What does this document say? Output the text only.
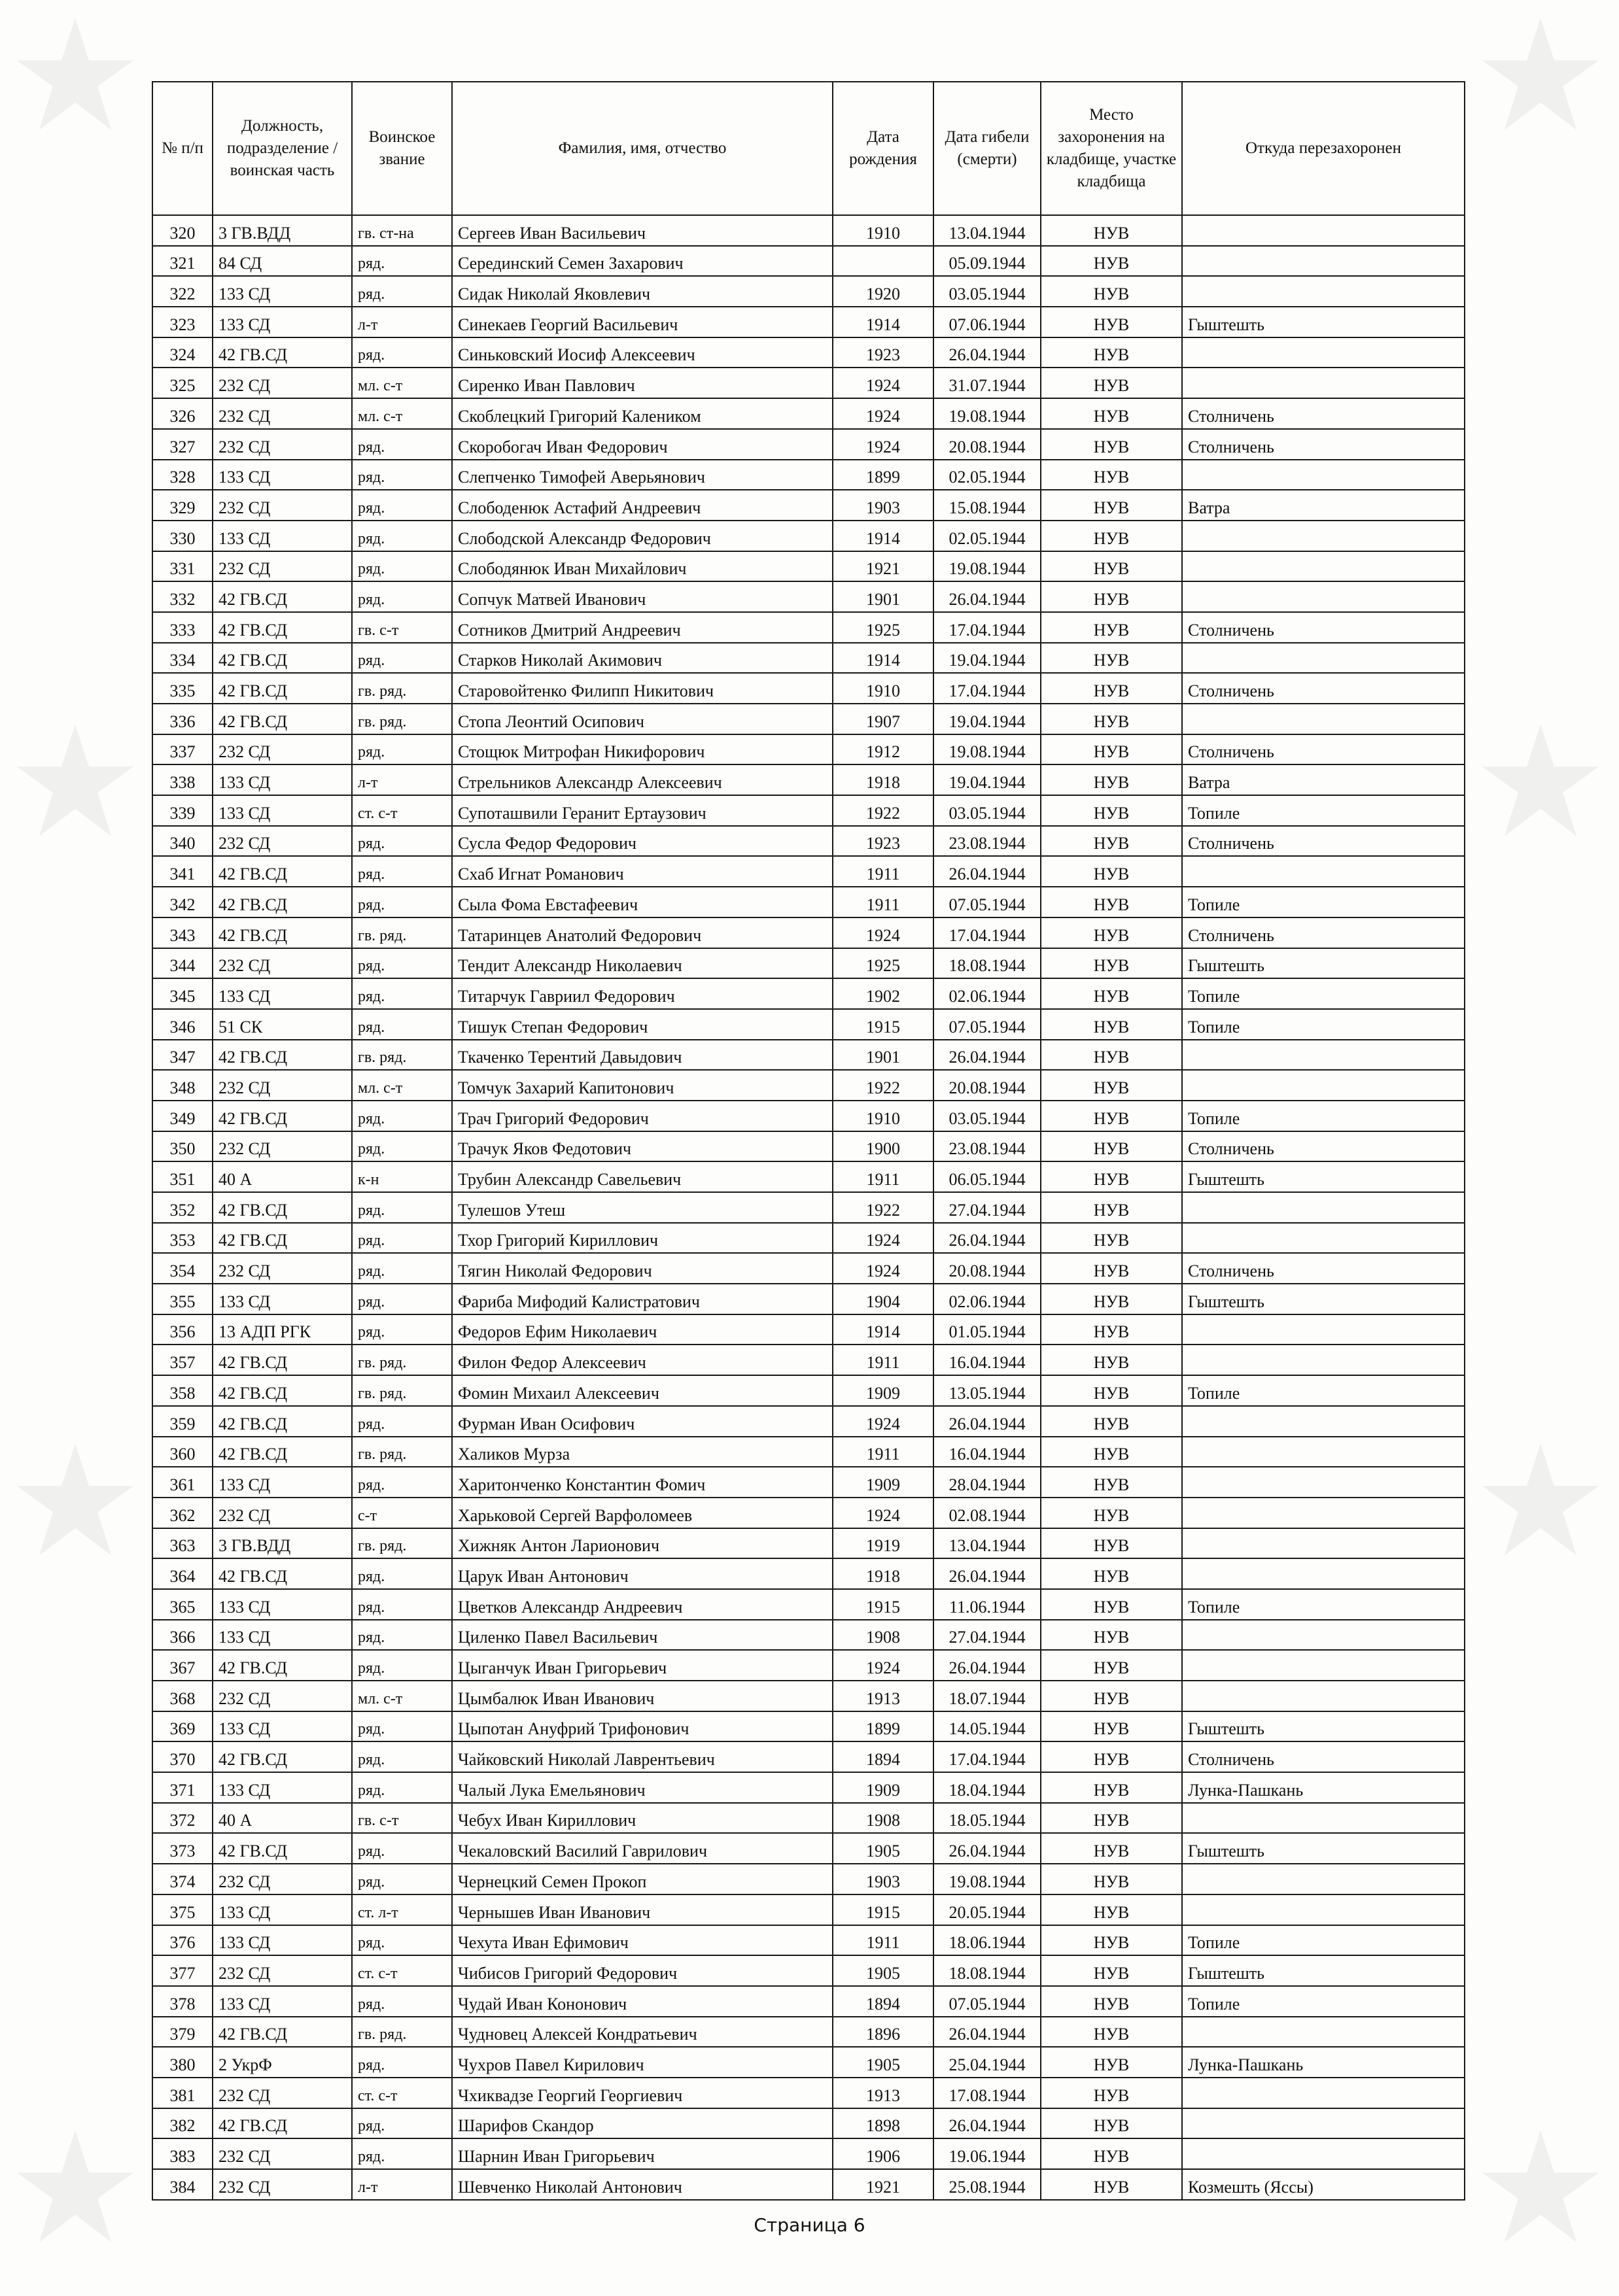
№ п/п	Должность, подразделение / воинская часть	Воинское звание	Фамилия, имя, отчество	Дата рождения	Дата гибели (смерти)	Место захоронения на кладбище, участке кладбища	Откуда перезахоронен
320	3 ГВ.ВДД	гв. ст-на	Сергеев Иван Васильевич	1910	13.04.1944	НУВ	
321	84 СД	ряд.	Серединский Семен Захарович		05.09.1944	НУВ	
322	133 СД	ряд.	Сидак Николай Яковлевич	1920	03.05.1944	НУВ	
323	133 СД	л-т	Синекаев Георгий Васильевич	1914	07.06.1944	НУВ	Гыштешть
324	42 ГВ.СД	ряд.	Синьковский Иосиф Алексеевич	1923	26.04.1944	НУВ	
325	232 СД	мл. с-т	Сиренко Иван Павлович	1924	31.07.1944	НУВ	
326	232 СД	мл. с-т	Скоблецкий Григорий Калеником	1924	19.08.1944	НУВ	Столничень
327	232 СД	ряд.	Скоробогач Иван Федорович	1924	20.08.1944	НУВ	Столничень
328	133 СД	ряд.	Слепченко Тимофей Аверьянович	1899	02.05.1944	НУВ	
329	232 СД	ряд.	Слободенюк Астафий Андреевич	1903	15.08.1944	НУВ	Ватра
330	133 СД	ряд.	Слободской Александр Федорович	1914	02.05.1944	НУВ	
331	232 СД	ряд.	Слободянюк Иван Михайлович	1921	19.08.1944	НУВ	
332	42 ГВ.СД	ряд.	Сопчук Матвей Иванович	1901	26.04.1944	НУВ	
333	42 ГВ.СД	гв. с-т	Сотников Дмитрий Андреевич	1925	17.04.1944	НУВ	Столничень
334	42 ГВ.СД	ряд.	Старков Николай Акимович	1914	19.04.1944	НУВ	
335	42 ГВ.СД	гв. ряд.	Старовойтенко Филипп Никитович	1910	17.04.1944	НУВ	Столничень
336	42 ГВ.СД	гв. ряд.	Стопа Леонтий Осипович	1907	19.04.1944	НУВ	
337	232 СД	ряд.	Стощюк Митрофан Никифорович	1912	19.08.1944	НУВ	Столничень
338	133 СД	л-т	Стрельников Александр Алексеевич	1918	19.04.1944	НУВ	Ватра
339	133 СД	ст. с-т	Супоташвили Геранит Ертаузович	1922	03.05.1944	НУВ	Топиле
340	232 СД	ряд.	Сусла Федор Федорович	1923	23.08.1944	НУВ	Столничень
341	42 ГВ.СД	ряд.	Схаб Игнат Романович	1911	26.04.1944	НУВ	
342	42 ГВ.СД	ряд.	Сыла Фома Евстафеевич	1911	07.05.1944	НУВ	Топиле
343	42 ГВ.СД	гв. ряд.	Татаринцев Анатолий Федорович	1924	17.04.1944	НУВ	Столничень
344	232 СД	ряд.	Тендит Александр Николаевич	1925	18.08.1944	НУВ	Гыштешть
345	133 СД	ряд.	Титарчук Гавриил Федорович	1902	02.06.1944	НУВ	Топиле
346	51 СК	ряд.	Тишук Степан Федорович	1915	07.05.1944	НУВ	Топиле
347	42 ГВ.СД	гв. ряд.	Ткаченко Терентий Давыдович	1901	26.04.1944	НУВ	
348	232 СД	мл. с-т	Томчук Захарий Капитонович	1922	20.08.1944	НУВ	
349	42 ГВ.СД	ряд.	Трач Григорий Федорович	1910	03.05.1944	НУВ	Топиле
350	232 СД	ряд.	Трачук Яков Федотович	1900	23.08.1944	НУВ	Столничень
351	40 А	к-н	Трубин Александр Савельевич	1911	06.05.1944	НУВ	Гыштешть
352	42 ГВ.СД	ряд.	Тулешов Утеш	1922	27.04.1944	НУВ	
353	42 ГВ.СД	ряд.	Тхор Григорий Кириллович	1924	26.04.1944	НУВ	
354	232 СД	ряд.	Тягин Николай Федорович	1924	20.08.1944	НУВ	Столничень
355	133 СД	ряд.	Фариба Мифодий Калистратович	1904	02.06.1944	НУВ	Гыштешть
356	13 АДП РГК	ряд.	Федоров Ефим Николаевич	1914	01.05.1944	НУВ	
357	42 ГВ.СД	гв. ряд.	Филон Федор Алексеевич	1911	16.04.1944	НУВ	
358	42 ГВ.СД	гв. ряд.	Фомин Михаил Алексеевич	1909	13.05.1944	НУВ	Топиле
359	42 ГВ.СД	ряд.	Фурман Иван Осифович	1924	26.04.1944	НУВ	
360	42 ГВ.СД	гв. ряд.	Халиков Мурза	1911	16.04.1944	НУВ	
361	133 СД	ряд.	Харитонченко Константин Фомич	1909	28.04.1944	НУВ	
362	232 СД	с-т	Харьковой Сергей Варфоломеев	1924	02.08.1944	НУВ	
363	3 ГВ.ВДД	гв. ряд.	Хижняк Антон Ларионович	1919	13.04.1944	НУВ	
364	42 ГВ.СД	ряд.	Царук Иван Антонович	1918	26.04.1944	НУВ	
365	133 СД	ряд.	Цветков Александр Андреевич	1915	11.06.1944	НУВ	Топиле
366	133 СД	ряд.	Циленко Павел Васильевич	1908	27.04.1944	НУВ	
367	42 ГВ.СД	ряд.	Цыганчук Иван Григорьевич	1924	26.04.1944	НУВ	
368	232 СД	мл. с-т	Цымбалюк Иван Иванович	1913	18.07.1944	НУВ	
369	133 СД	ряд.	Цыпотан Ануфрий Трифонович	1899	14.05.1944	НУВ	Гыштешть
370	42 ГВ.СД	ряд.	Чайковский Николай Лаврентьевич	1894	17.04.1944	НУВ	Столничень
371	133 СД	ряд.	Чалый Лука Емельянович	1909	18.04.1944	НУВ	Лунка-Пашкань
372	40 А	гв. с-т	Чебух Иван Кириллович	1908	18.05.1944	НУВ	
373	42 ГВ.СД	ряд.	Чекаловский Василий Гаврилович	1905	26.04.1944	НУВ	Гыштешть
374	232 СД	ряд.	Чернецкий Семен Прокоп	1903	19.08.1944	НУВ	
375	133 СД	ст. л-т	Чернышев Иван Иванович	1915	20.05.1944	НУВ	
376	133 СД	ряд.	Чехута Иван Ефимович	1911	18.06.1944	НУВ	Топиле
377	232 СД	ст. с-т	Чибисов Григорий Федорович	1905	18.08.1944	НУВ	Гыштешть
378	133 СД	ряд.	Чудай Иван Кононович	1894	07.05.1944	НУВ	Топиле
379	42 ГВ.СД	гв. ряд.	Чудновец Алексей Кондратьевич	1896	26.04.1944	НУВ	
380	2 УкрФ	ряд.	Чухров Павел Кирилович	1905	25.04.1944	НУВ	Лунка-Пашкань
381	232 СД	ст. с-т	Чхиквадзе Георгий Георгиевич	1913	17.08.1944	НУВ	
382	42 ГВ.СД	ряд.	Шарифов Скандор	1898	26.04.1944	НУВ	
383	232 СД	ряд.	Шарнин Иван Григорьевич	1906	19.06.1944	НУВ	
384	232 СД	л-т	Шевченко Николай Антонович	1921	25.08.1944	НУВ	Козмешть (Яссы)
Страница 6
